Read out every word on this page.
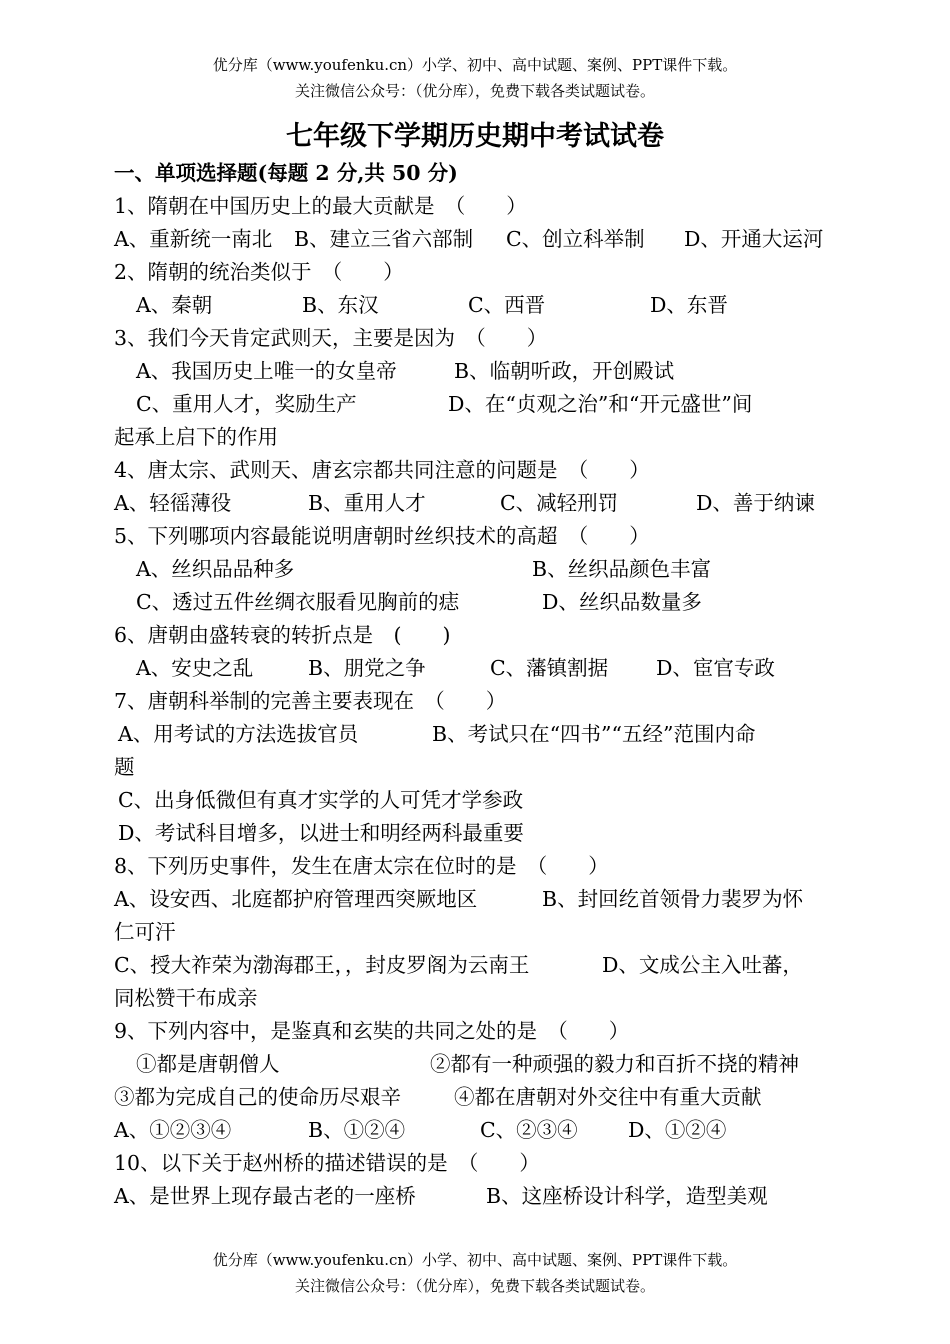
优分库（www.youfenku.cn）小学、初中、高中试题、案例、PPT课件下载。
关注微信公众号：（优分库），免费下载各类试题试卷。
七年级下学期历史期中考试试卷
一、单项选择题(每题 2 分,共 50 分)
1、隋朝在中国历史上的最大贡献是　（　　）
A、重新统一南北 B、建立三省六部制 C、创立科举制 D、开通大运河
2、隋朝的统治类似于　（　　）
A、秦朝	B、东汉	C、西晋	D、东晋
3、我们今天肯定武则天，主要是因为　（　　）
A、我国历史上唯一的女皇帝	B、临朝听政，开创殿试
C、重用人才，奖励生产	D、在“贞观之治”和“开元盛世”间
起承上启下的作用
4、唐太宗、武则天、唐玄宗都共同注意的问题是　（　　）
A、轻徭薄役	B、重用人才	C、减轻刑罚	D、善于纳谏
5、下列哪项内容最能说明唐朝时丝织技术的高超　（　　）
A、丝织品品种多	B、丝织品颜色丰富
C、透过五件丝绸衣服看见胸前的痣	D、丝织品数量多
6、唐朝由盛转衰的转折点是　(　　)
A、安史之乱	B、朋党之争	C、藩镇割据 D、宦官专政
7、唐朝科举制的完善主要表现在　（　　）
A、用考试的方法选拔官员	B、考试只在“四书”“五经”范围内命
题
C、出身低微但有真才实学的人可凭才学参政
D、考试科目增多，以进士和明经两科最重要
8、下列历史事件，发生在唐太宗在位时的是　（　　）
A、设安西、北庭都护府管理西突厥地区	B、封回纥首领骨力裴罗为怀
仁可汗
C、授大祚荣为渤海郡王，，封皮罗阁为云南王	D、文成公主入吐蕃，
同松赞干布成亲
9、下列内容中，是鉴真和玄奘的共同之处的是　（　　）
①都是唐朝僧人	②都有一种顽强的毅力和百折不挠的精神
③都为完成自己的使命历尽艰辛	④都在唐朝对外交往中有重大贡献
A、①②③④	B、①②④	C、②③④ D、①②④
10、以下关于赵州桥的描述错误的是　（　　）
A、是世界上现存最古老的一座桥	B、这座桥设计科学，造型美观
优分库（www.youfenku.cn）小学、初中、高中试题、案例、PPT课件下载。
关注微信公众号：（优分库），免费下载各类试题试卷。
